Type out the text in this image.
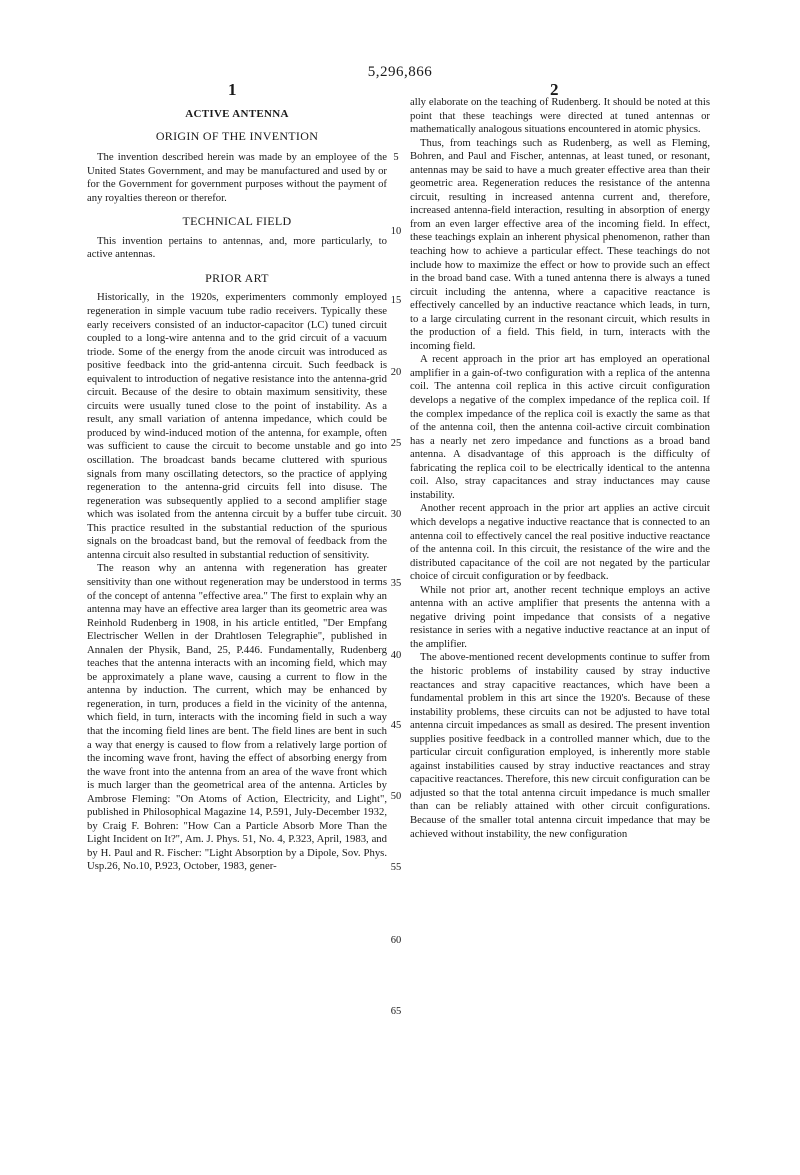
5,296,866
1	2
ACTIVE ANTENNA
ORIGIN OF THE INVENTION

The invention described herein was made by an employee of the United States Government, and may be manufactured and used by or for the Government for government purposes without the payment of any royalties thereon or therefor.

TECHNICAL FIELD

This invention pertains to antennas, and, more particularly, to active antennas.

PRIOR ART

Historically, in the 1920s, experimenters commonly employed regeneration in simple vacuum tube radio receivers. Typically these early receivers consisted of an inductor-capacitor (LC) tuned circuit coupled to a long-wire antenna and to the grid circuit of a vacuum triode. Some of the energy from the anode circuit was introduced as positive feedback into the grid-antenna circuit. Such feedback is equivalent to introduction of negative resistance into the antenna-grid circuit. Because of the desire to obtain maximum sensitivity, these circuits were usually tuned close to the point of instability. As a result, any small variation of antenna impedance, which could be produced by wind-induced motion of the antenna, for example, often was sufficient to cause the circuit to become unstable and go into oscillation. The broadcast bands became cluttered with spurious signals from many oscillating detectors, so the practice of applying regeneration to the antenna-grid circuits fell into disuse. The regeneration was subsequently applied to a second amplifier stage which was isolated from the antenna circuit by a buffer tube circuit. This practice resulted in the substantial reduction of the spurious signals on the broadcast band, but the removal of feedback from the antenna circuit also resulted in substantial reduction of sensitivity.

The reason why an antenna with regeneration has greater sensitivity than one without regeneration may be understood in terms of the concept of antenna "effective area." The first to explain why an antenna may have an effective area larger than its geometric area was Reinhold Rudenberg in 1908, in his article entitled, "Der Empfang Electrischer Wellen in der Drahtlosen Telegraphie", published in Annalen der Physik, Band, 25, P.446. Fundamentally, Rudenberg teaches that the antenna interacts with an incoming field, which may be approximately a plane wave, causing a current to flow in the antenna by induction. The current, which may be enhanced by regeneration, in turn, produces a field in the vicinity of the antenna, which field, in turn, interacts with the incoming field in such a way that the incoming field lines are bent. The field lines are bent in such a way that energy is caused to flow from a relatively large portion of the incoming wave front, having the effect of absorbing energy from the wave front into the antenna from an area of the wave front which is much larger than the geometrical area of the antenna. Articles by Ambrose Fleming: "On Atoms of Action, Electricity, and Light", published in Philosophical Magazine 14, P.591, July-December 1932, by Craig F. Bohren: "How Can a Particle Absorb More Than the Light Incident on It?", Am. J. Phys. 51, No. 4, P.323, April, 1983, and by H. Paul and R. Fischer: "Light Absorption by a Dipole, Sov. Phys. Usp.26, No.10, P.923, October, 1983, gener-

ally elaborate on the teaching of Rudenberg. It should be noted at this point that these teachings were directed at tuned antennas or mathematically analogous situations encountered in atomic physics.

Thus, from teachings such as Rudenberg, as well as Fleming, Bohren, and Paul and Fischer, antennas, at least tuned, or resonant, antennas may be said to have a much greater effective area than their geometric area. Regeneration reduces the resistance of the antenna circuit, resulting in increased antenna current and, therefore, increased antenna-field interaction, resulting in absorption of energy from an even larger effective area of the incoming field. In effect, these teachings explain an inherent physical phenomenon, rather than teaching how to achieve a particular effect. These teachings do not include how to maximize the effect or how to provide such an effect in the broad band case. With a tuned antenna there is always a tuned circuit including the antenna, where a capacitive reactance is effectively cancelled by an inductive reactance which leads, in turn, to a large circulating current in the resonant circuit, which results in the production of a field. This field, in turn, interacts with the incoming field.

A recent approach in the prior art has employed an operational amplifier in a gain-of-two configuration with a replica of the antenna coil. The antenna coil replica in this active circuit configuration develops a negative of the complex impedance of the replica coil. If the complex impedance of the replica coil is exactly the same as that of the antenna coil, then the antenna coil-active circuit combination has a nearly net zero impedance and functions as a broad band antenna. A disadvantage of this approach is the difficulty of fabricating the replica coil to be electrically identical to the antenna coil. Also, stray capacitances and stray inductances may cause instability.

Another recent approach in the prior art applies an active circuit which develops a negative inductive reactance that is connected to an antenna coil to effectively cancel the real positive inductive reactance of the antenna coil. In this circuit, the resistance of the wire and the distributed capacitance of the coil are not negated by the particular choice of circuit configuration or by feedback.

While not prior art, another recent technique employs an active antenna with an active amplifier that presents the antenna with a negative driving point impedance that consists of a negative resistance in series with a negative inductive reactance at an input of the amplifier.

The above-mentioned recent developments continue to suffer from the historic problems of instability caused by stray inductive reactances and stray capacitive reactances, which have been a fundamental problem in this art since the 1920's. Because of these instability problems, these circuits can not be adjusted to have total antenna circuit impedances as small as desired. The present invention supplies positive feedback in a controlled manner which, due to the particular circuit configuration employed, is inherently more stable against instabilities caused by stray inductive reactances and stray capacitive reactances. Therefore, this new circuit configuration can be adjusted so that the total antenna circuit impedance is much smaller than can be reliably attained with other circuit configurations. Because of the smaller total antenna circuit impedance that may be achieved without instability, the new configuration

5
10
15
20
25
30
35
40
45
50
55
60
65
